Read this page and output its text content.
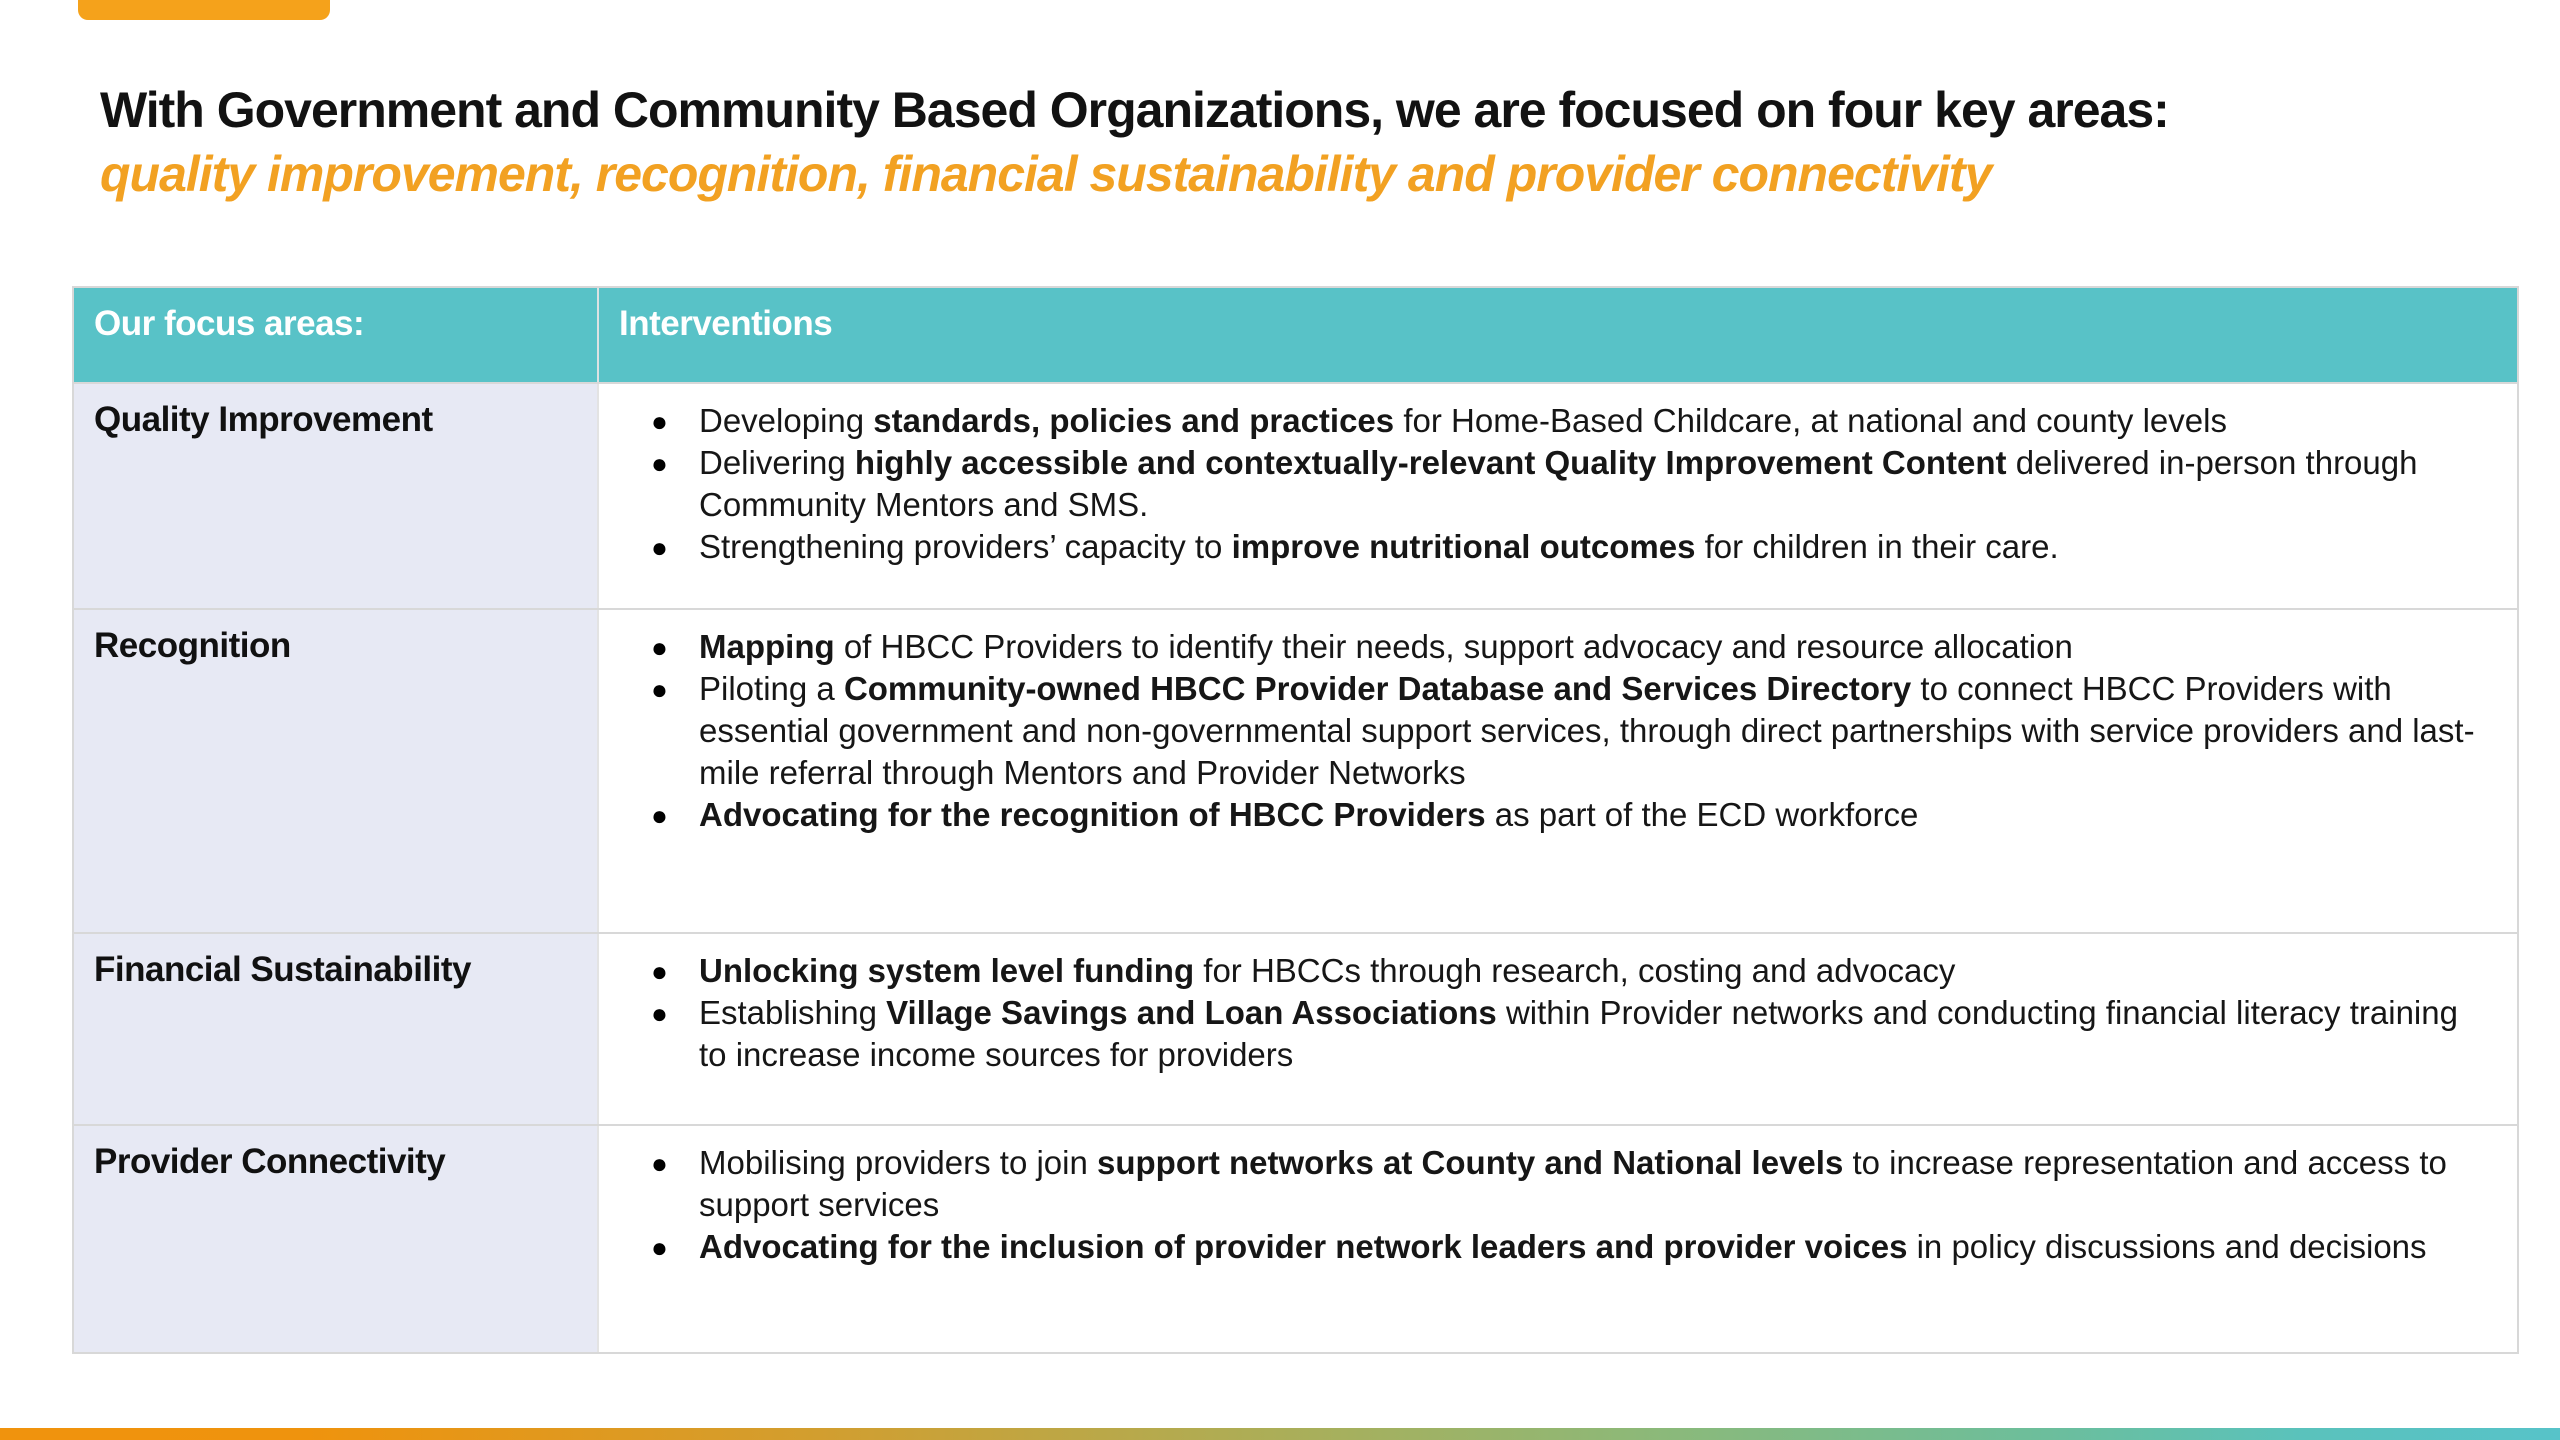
With Government and Community Based Organizations, we are focused on four key areas:
quality improvement, recognition, financial sustainability and provider connectivity
Our focus areas:	Interventions
Quality Improvement	● Developing standards, policies and practices for Home-Based Childcare, at national and county levels
● Delivering highly accessible and contextually-relevant Quality Improvement Content delivered in-person through Community Mentors and SMS.
● Strengthening providers’ capacity to improve nutritional outcomes for children in their care.
Recognition	● Mapping of HBCC Providers to identify their needs, support advocacy and resource allocation
● Piloting a Community-owned HBCC Provider Database and Services Directory to connect HBCC Providers with essential government and non-governmental support services, through direct partnerships with service providers and last-mile referral through Mentors and Provider Networks
● Advocating for the recognition of HBCC Providers as part of the ECD workforce
Financial Sustainability	● Unlocking system level funding for HBCCs through research, costing and advocacy
● Establishing Village Savings and Loan Associations within Provider networks and conducting financial literacy training to increase income sources for providers
Provider Connectivity	● Mobilising providers to join support networks at County and National levels to increase representation and access to support services
● Advocating for the inclusion of provider network leaders and provider voices in policy discussions and decisions
